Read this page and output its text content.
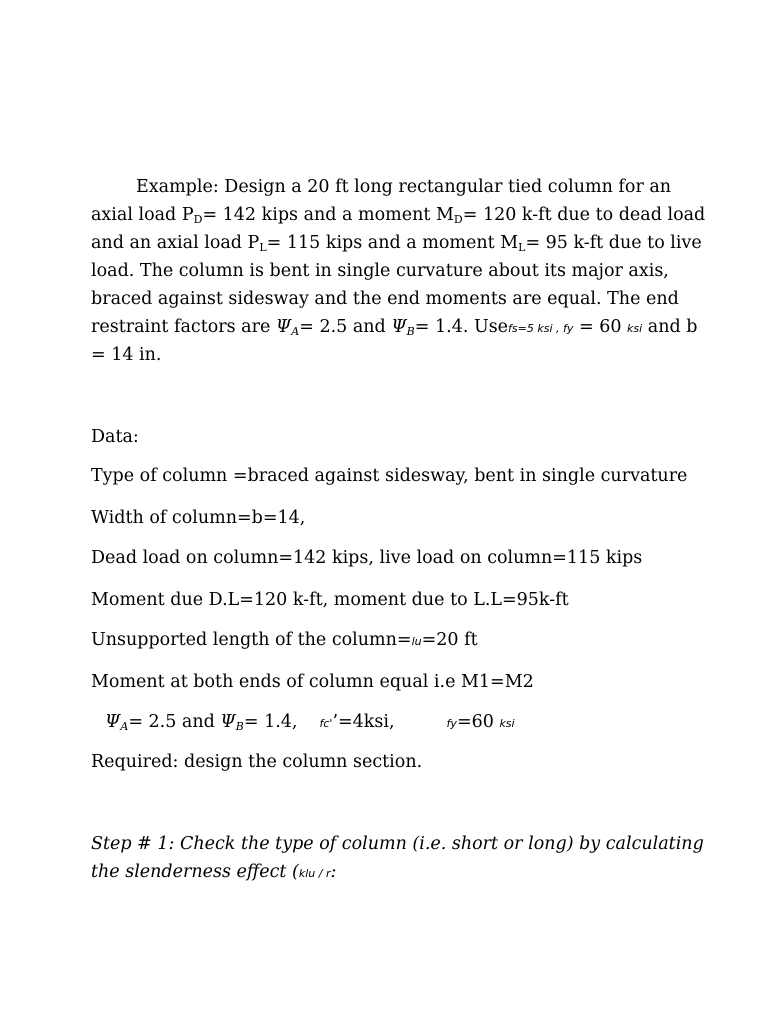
Example: Design a 20 ft long rectangular tied column for an
axial load $P_D= 142$ kips and a moment $M_D= 120$ k-ft due to dead load
and an axial load $P_L= 115$ kips and a moment $M_L= 95$ k-ft due to live
load. The column is bent in single curvature about its major axis,
braced against sidesway and the end moments are equal. The end
restraint factors are $\Psi_A= 2.5$ and $\Psi_B= 1.4$. Usefs=5 ksi , fy = 60 ksi and b
= 14 in.
Data:
Type of column =braced against sidesway, bent in single curvature
Width of column=b=14,
Dead load on column=142 kips, live load on column=115 kips
Moment due D.L=120 k-ft, moment due to L.L=95k-ft
Unsupported length of the column=lu=20 ft
Moment at both ends of column equal i.e M1=M2
$\Psi_A= 2.5$ and $\Psi_B= 1.4$, fc'’=4ksi,	fy=60 ksi
Required: design the column section.
Step # 1: Check the type of column (i.e. short or long) by calculating
the slenderness effect (klu / r:
